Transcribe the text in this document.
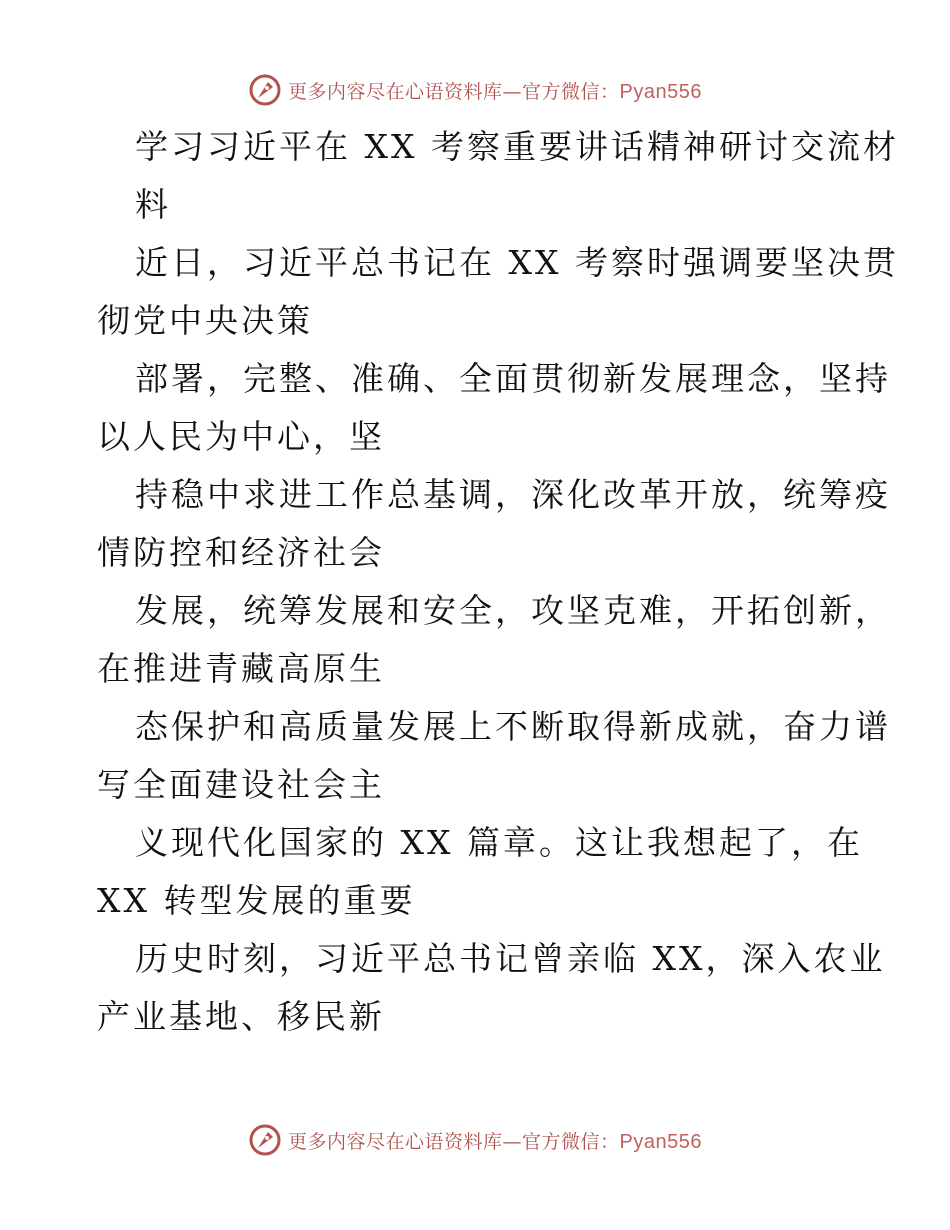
更多内容尽在心语资料库—官方微信：Pyan556

学习习近平在 XX 考察重要讲话精神研讨交流材
料

近日，习近平总书记在 XX 考察时强调要坚决贯
彻党中央决策

部署，完整、准确、全面贯彻新发展理念，坚持
以人民为中心，坚

持稳中求进工作总基调，深化改革开放，统筹疫
情防控和经济社会

发展，统筹发展和安全，攻坚克难，开拓创新，
在推进青藏高原生

态保护和高质量发展上不断取得新成就，奋力谱
写全面建设社会主

义现代化国家的 XX 篇章。这让我想起了，在
XX 转型发展的重要

历史时刻，习近平总书记曾亲临 XX，深入农业
产业基地、移民新

更多内容尽在心语资料库—官方微信：Pyan556
